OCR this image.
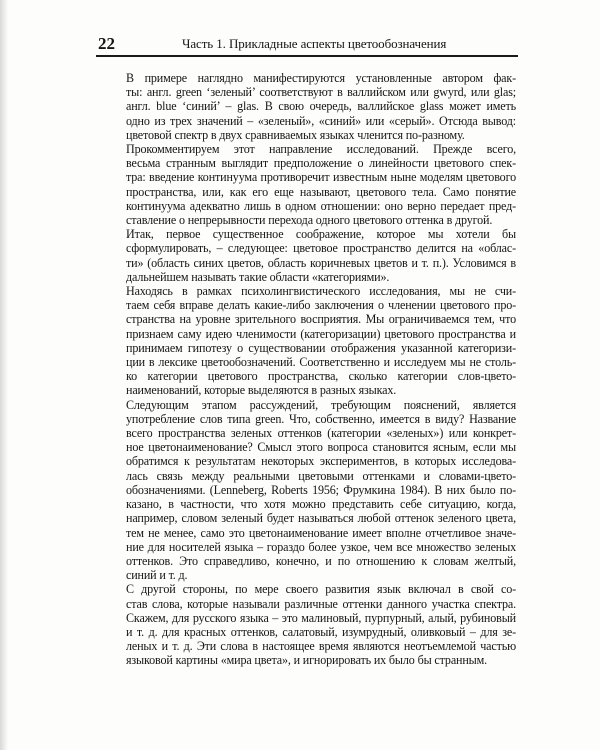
22	Часть 1. Прикладные аспекты цветообозначения

В примере наглядно манифестируются установленные автором фак-
ты: англ. green ‘зеленый’ соответствуют в валлийском или gwyrd, или glas;
англ. blue ‘синий’ – glas. В свою очередь, валлийское glass может иметь
одно из трех значений – «зеленый», «синий» или «серый». Отсюда вывод:
цветовой спектр в двух сравниваемых языках членится по-разному.

Прокомментируем этот направление исследований. Прежде всего,
весьма странным выглядит предположение о линейности цветового спек-
тра: введение континуума противоречит известным ныне моделям цветового
пространства, или, как его еще называют, цветового тела. Само понятие
континуума адекватно лишь в одном отношении: оно верно передает пред-
ставление о непрерывности перехода одного цветового оттенка в другой.

Итак, первое существенное соображение, которое мы хотели бы
сформулировать, – следующее: цветовое пространство делится на «облас-
ти» (область синих цветов, область коричневых цветов и т. п.). Условимся в
дальнейшем называть такие области «категориями».

Находясь в рамках психолингвистического исследования, мы не счи-
таем себя вправе делать какие-либо заключения о членении цветового про-
странства на уровне зрительного восприятия. Мы ограничиваемся тем, что
признаем саму идею членимости (категоризации) цветового пространства и
принимаем гипотезу о существовании отображения указанной категоризи-
ции в лексике цветообозначений. Соответственно и исследуем мы не столь-
ко категории цветового пространства, сколько категории слов-цвето-
наименований, которые выделяются в разных языках.

Следующим этапом рассуждений, требующим пояснений, является
употребление слов типа green. Что, собственно, имеется в виду? Название
всего пространства зеленых оттенков (категории «зеленых») или конкрет-
ное цветонаименование? Смысл этого вопроса становится ясным, если мы
обратимся к результатам некоторых экспериментов, в которых исследова-
лась связь между реальными цветовыми оттенками и словами-цвето-
обозначениями. (Lenneberg, Roberts 1956; Фрумкина 1984). В них было по-
казано, в частности, что хотя можно представить себе ситуацию, когда,
например, словом зеленый будет называться любой оттенок зеленого цвета,
тем не менее, само это цветонаименование имеет вполне отчетливое значе-
ние для носителей языка – гораздо более узкое, чем все множество зеленых
оттенков. Это справедливо, конечно, и по отношению к словам желтый,
синий и т. д.

С другой стороны, по мере своего развития язык включал в свой со-
став слова, которые называли различные оттенки данного участка спектра.
Скажем, для русского языка – это малиновый, пурпурный, алый, рубиновый
и т. д. для красных оттенков, салатовый, изумрудный, оливковый – для зе-
леных и т. д. Эти слова в настоящее время являются неотъемлемой частью
языковой картины «мира цвета», и игнорировать их было бы странным.
